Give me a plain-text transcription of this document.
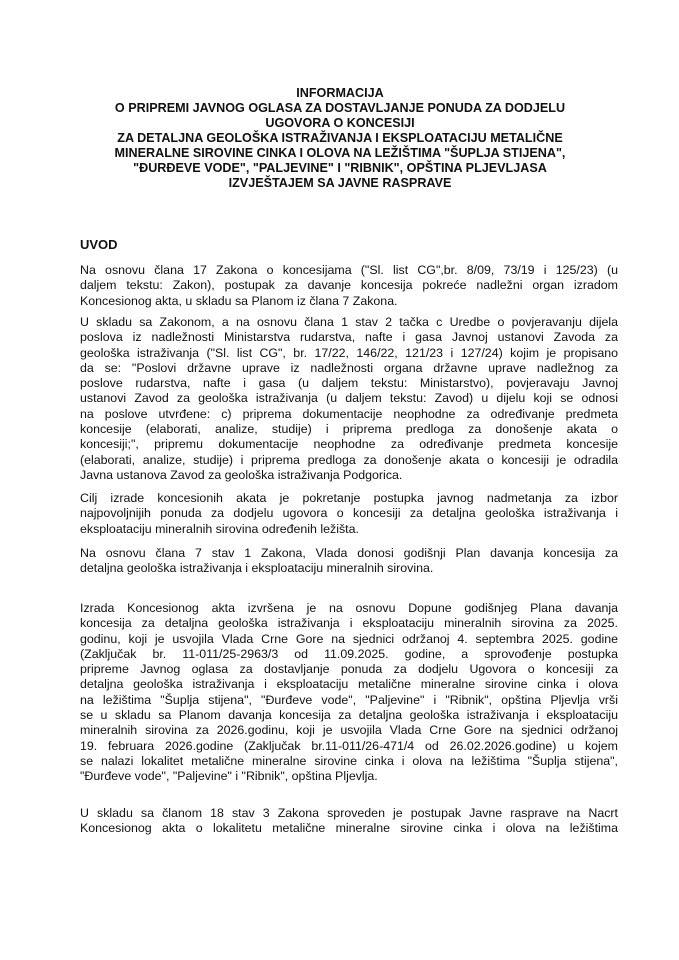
INFORMACIJA
O PRIPREMI JAVNOG OGLASA ZA DOSTAVLJANJE PONUDA ZA DODJELU
UGOVORA O KONCESIJI
ZA DETALJNA GEOLOŠKA ISTRAŽIVANJA I EKSPLOATACIJU METALIČNE
MINERALNE SIROVINE CINKA I OLOVA NA LEŽIŠTIMA "ŠUPLJA STIJENA",
"ĐURĐEVE VODE", "PALJEVINE" I "RIBNIK", OPŠTINA PLJEVLJASA
IZVJEŠTAJEM SA JAVNE RASPRAVE
UVOD
Na osnovu člana 17 Zakona o koncesijama ("Sl. list CG",br. 8/09, 73/19 i 125/23) (u
daljem tekstu: Zakon), postupak za davanje koncesija pokreće nadležni organ izradom
Koncesionog akta, u skladu sa Planom iz člana 7 Zakona.
U skladu sa Zakonom, a na osnovu člana 1 stav 2 tačka c Uredbe o povjeravanju dijela
poslova iz nadležnosti Ministarstva rudarstva, nafte i gasa Javnoj ustanovi Zavoda za
geološka istraživanja ("Sl. list CG", br. 17/22, 146/22, 121/23 i 127/24) kojim je propisano
da se: "Poslovi državne uprave iz nadležnosti organa državne uprave nadležnog za
poslove rudarstva, nafte i gasa (u daljem tekstu: Ministarstvo), povjeravaju Javnoj
ustanovi Zavod za geološka istraživanja (u daljem tekstu: Zavod) u dijelu koji se odnosi
na poslove utvrđene: c) priprema dokumentacije neophodne za određivanje predmeta
koncesije (elaborati, analize, studije) i priprema predloga za donošenje akata o
koncesiji;", pripremu dokumentacije neophodne za određivanje predmeta koncesije
(elaborati, analize, studije) i priprema predloga za donošenje akata o koncesiji je odradila
Javna ustanova Zavod za geološka istraživanja Podgorica.
Cilj izrade koncesionih akata je pokretanje postupka javnog nadmetanja za izbor
najpovoljnijih ponuda za dodjelu ugovora o koncesiji za detaljna geološka istraživanja i
eksploataciju mineralnih sirovina određenih ležišta.
Na osnovu člana 7 stav 1 Zakona, Vlada donosi godišnji Plan davanja koncesija za
detaljna geološka istraživanja i eksploataciju mineralnih sirovina.
Izrada Koncesionog akta izvršena je na osnovu Dopune godišnjeg Plana davanja
koncesija za detaljna geološka istraživanja i eksploataciju mineralnih sirovina za 2025.
godinu, koji je usvojila Vlada Crne Gore na sjednici održanoj 4. septembra 2025. godine
(Zaključak br. 11-011/25-2963/3 od 11.09.2025. godine, a sprovođenje postupka
pripreme Javnog oglasa za dostavljanje ponuda za dodjelu Ugovora o koncesiji za
detaljna geološka istraživanja i eksploataciju metalične mineralne sirovine cinka i olova
na ležištima "Šuplja stijena", "Đurđeve vode", "Paljevine" i "Ribnik", opština Pljevlja vrši
se u skladu sa Planom davanja koncesija za detaljna geološka istraživanja i eksploataciju
mineralnih sirovina za 2026.godinu, koji je usvojila Vlada Crne Gore na sjednici održanoj
19. februara 2026.godine (Zaključak br.11-011/26-471/4 od 26.02.2026.godine) u kojem
se nalazi lokalitet metalične mineralne sirovine cinka i olova na ležištima "Šuplja stijena",
"Đurđeve vode", "Paljevine" i "Ribnik", opština Pljevlja.
U skladu sa članom 18 stav 3 Zakona sproveden je postupak Javne rasprave na Nacrt
Koncesionog akta o lokalitetu metalične mineralne sirovine cinka i olova na ležištima
